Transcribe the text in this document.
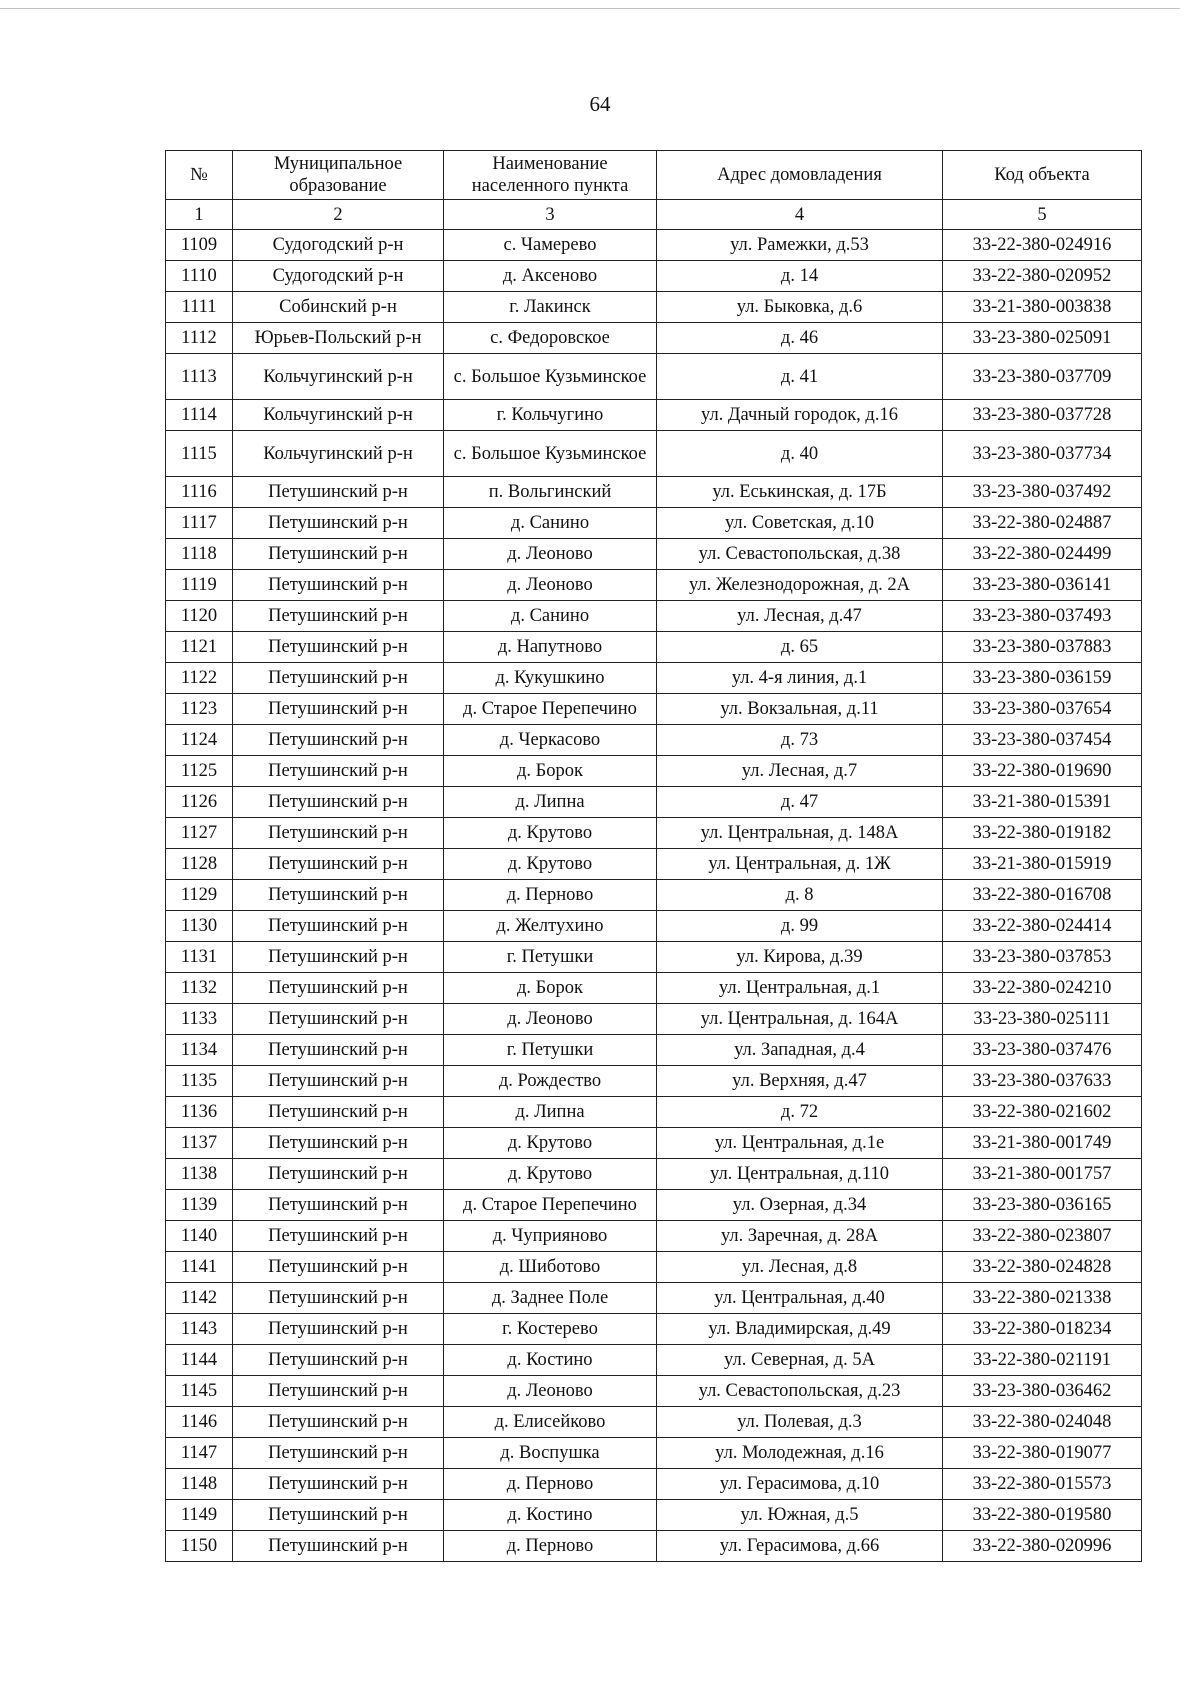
64
№	Муниципальное образование	Наименование населенного пункта	Адрес домовладения	Код объекта
1	2	3	4	5
1109	Судогодский р-н	с. Чамерево	ул. Рамежки, д.53	33-22-380-024916
1110	Судогодский р-н	д. Аксеново	д. 14	33-22-380-020952
1111	Собинский р-н	г. Лакинск	ул. Быковка, д.6	33-21-380-003838
1112	Юрьев-Польский р-н	с. Федоровское	д. 46	33-23-380-025091
1113	Кольчугинский р-н	с. Большое Кузьминское	д. 41	33-23-380-037709
1114	Кольчугинский р-н	г. Кольчугино	ул. Дачный городок, д.16	33-23-380-037728
1115	Кольчугинский р-н	с. Большое Кузьминское	д. 40	33-23-380-037734
1116	Петушинский р-н	п. Вольгинский	ул. Еськинская, д. 17Б	33-23-380-037492
1117	Петушинский р-н	д. Санино	ул. Советская, д.10	33-22-380-024887
1118	Петушинский р-н	д. Леоново	ул. Севастопольская, д.38	33-22-380-024499
1119	Петушинский р-н	д. Леоново	ул. Железнодорожная, д. 2А	33-23-380-036141
1120	Петушинский р-н	д. Санино	ул. Лесная, д.47	33-23-380-037493
1121	Петушинский р-н	д. Напутново	д. 65	33-23-380-037883
1122	Петушинский р-н	д. Кукушкино	ул. 4-я линия, д.1	33-23-380-036159
1123	Петушинский р-н	д. Старое Перепечино	ул. Вокзальная, д.11	33-23-380-037654
1124	Петушинский р-н	д. Черкасово	д. 73	33-23-380-037454
1125	Петушинский р-н	д. Борок	ул. Лесная, д.7	33-22-380-019690
1126	Петушинский р-н	д. Липна	д. 47	33-21-380-015391
1127	Петушинский р-н	д. Крутово	ул. Центральная, д. 148А	33-22-380-019182
1128	Петушинский р-н	д. Крутово	ул. Центральная, д. 1Ж	33-21-380-015919
1129	Петушинский р-н	д. Перново	д. 8	33-22-380-016708
1130	Петушинский р-н	д. Желтухино	д. 99	33-22-380-024414
1131	Петушинский р-н	г. Петушки	ул. Кирова, д.39	33-23-380-037853
1132	Петушинский р-н	д. Борок	ул. Центральная, д.1	33-22-380-024210
1133	Петушинский р-н	д. Леоново	ул. Центральная, д. 164А	33-23-380-025111
1134	Петушинский р-н	г. Петушки	ул. Западная, д.4	33-23-380-037476
1135	Петушинский р-н	д. Рождество	ул. Верхняя, д.47	33-23-380-037633
1136	Петушинский р-н	д. Липна	д. 72	33-22-380-021602
1137	Петушинский р-н	д. Крутово	ул. Центральная, д.1е	33-21-380-001749
1138	Петушинский р-н	д. Крутово	ул. Центральная, д.110	33-21-380-001757
1139	Петушинский р-н	д. Старое Перепечино	ул. Озерная, д.34	33-23-380-036165
1140	Петушинский р-н	д. Чуприяново	ул. Заречная, д. 28А	33-22-380-023807
1141	Петушинский р-н	д. Шиботово	ул. Лесная, д.8	33-22-380-024828
1142	Петушинский р-н	д. Заднее Поле	ул. Центральная, д.40	33-22-380-021338
1143	Петушинский р-н	г. Костерево	ул. Владимирская, д.49	33-22-380-018234
1144	Петушинский р-н	д. Костино	ул. Северная, д. 5А	33-22-380-021191
1145	Петушинский р-н	д. Леоново	ул. Севастопольская, д.23	33-23-380-036462
1146	Петушинский р-н	д. Елисейково	ул. Полевая, д.3	33-22-380-024048
1147	Петушинский р-н	д. Воспушка	ул. Молодежная, д.16	33-22-380-019077
1148	Петушинский р-н	д. Перново	ул. Герасимова, д.10	33-22-380-015573
1149	Петушинский р-н	д. Костино	ул. Южная, д.5	33-22-380-019580
1150	Петушинский р-н	д. Перново	ул. Герасимова, д.66	33-22-380-020996
